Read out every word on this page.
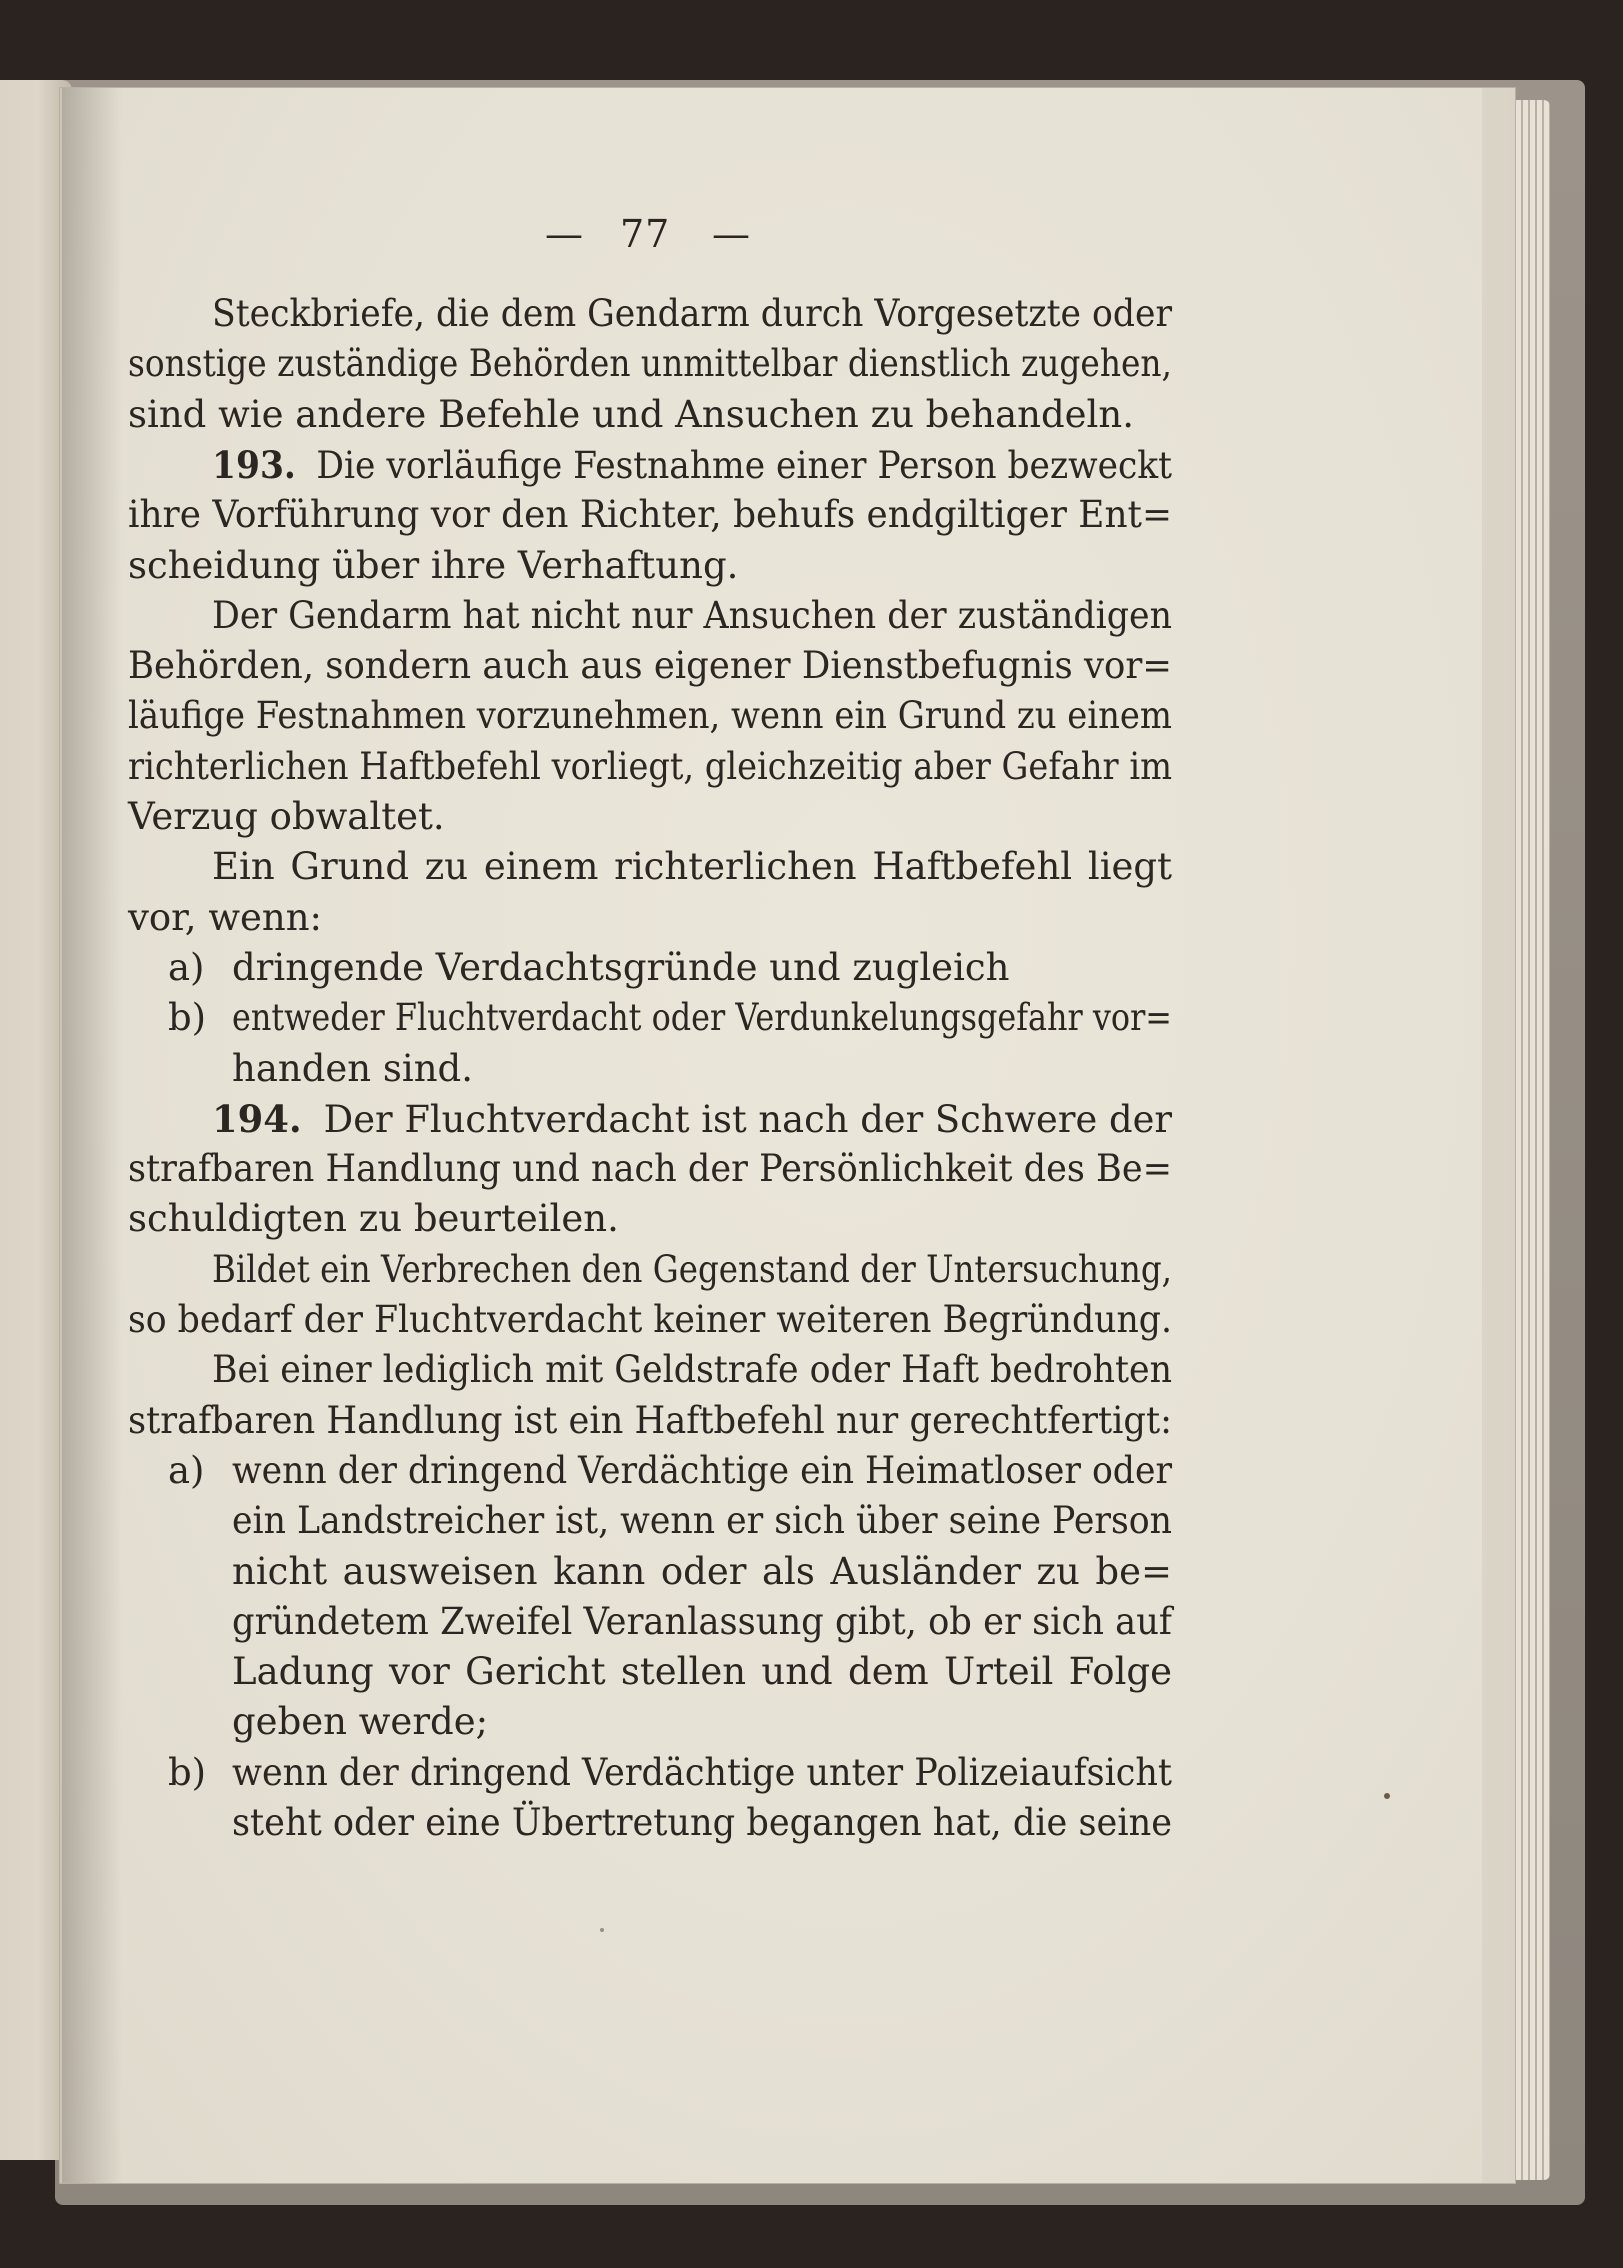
— 77 —
Steckbriefe, die dem Gendarm durch Vorgesetzte oder
sonstige zuständige Behörden unmittelbar dienstlich zugehen,
sind wie andere Befehle und Ansuchen zu behandeln.
193. Die vorläufige Festnahme einer Person bezweckt
ihre Vorführung vor den Richter, behufs endgiltiger Ent=
scheidung über ihre Verhaftung.
Der Gendarm hat nicht nur Ansuchen der zuständigen
Behörden, sondern auch aus eigener Dienstbefugnis vor=
läufige Festnahmen vorzunehmen, wenn ein Grund zu einem
richterlichen Haftbefehl vorliegt, gleichzeitig aber Gefahr im
Verzug obwaltet.
Ein Grund zu einem richterlichen Haftbefehl liegt
vor, wenn:
a) dringende Verdachtsgründe und zugleich
b) entweder Fluchtverdacht oder Verdunkelungsgefahr vor=
handen sind.
194. Der Fluchtverdacht ist nach der Schwere der
strafbaren Handlung und nach der Persönlichkeit des Be=
schuldigten zu beurteilen.
Bildet ein Verbrechen den Gegenstand der Untersuchung,
so bedarf der Fluchtverdacht keiner weiteren Begründung.
Bei einer lediglich mit Geldstrafe oder Haft bedrohten
strafbaren Handlung ist ein Haftbefehl nur gerechtfertigt:
a) wenn der dringend Verdächtige ein Heimatloser oder
ein Landstreicher ist, wenn er sich über seine Person
nicht ausweisen kann oder als Ausländer zu be=
gründetem Zweifel Veranlassung gibt, ob er sich auf
Ladung vor Gericht stellen und dem Urteil Folge
geben werde;
b) wenn der dringend Verdächtige unter Polizeiaufsicht
steht oder eine Übertretung begangen hat, die seine
